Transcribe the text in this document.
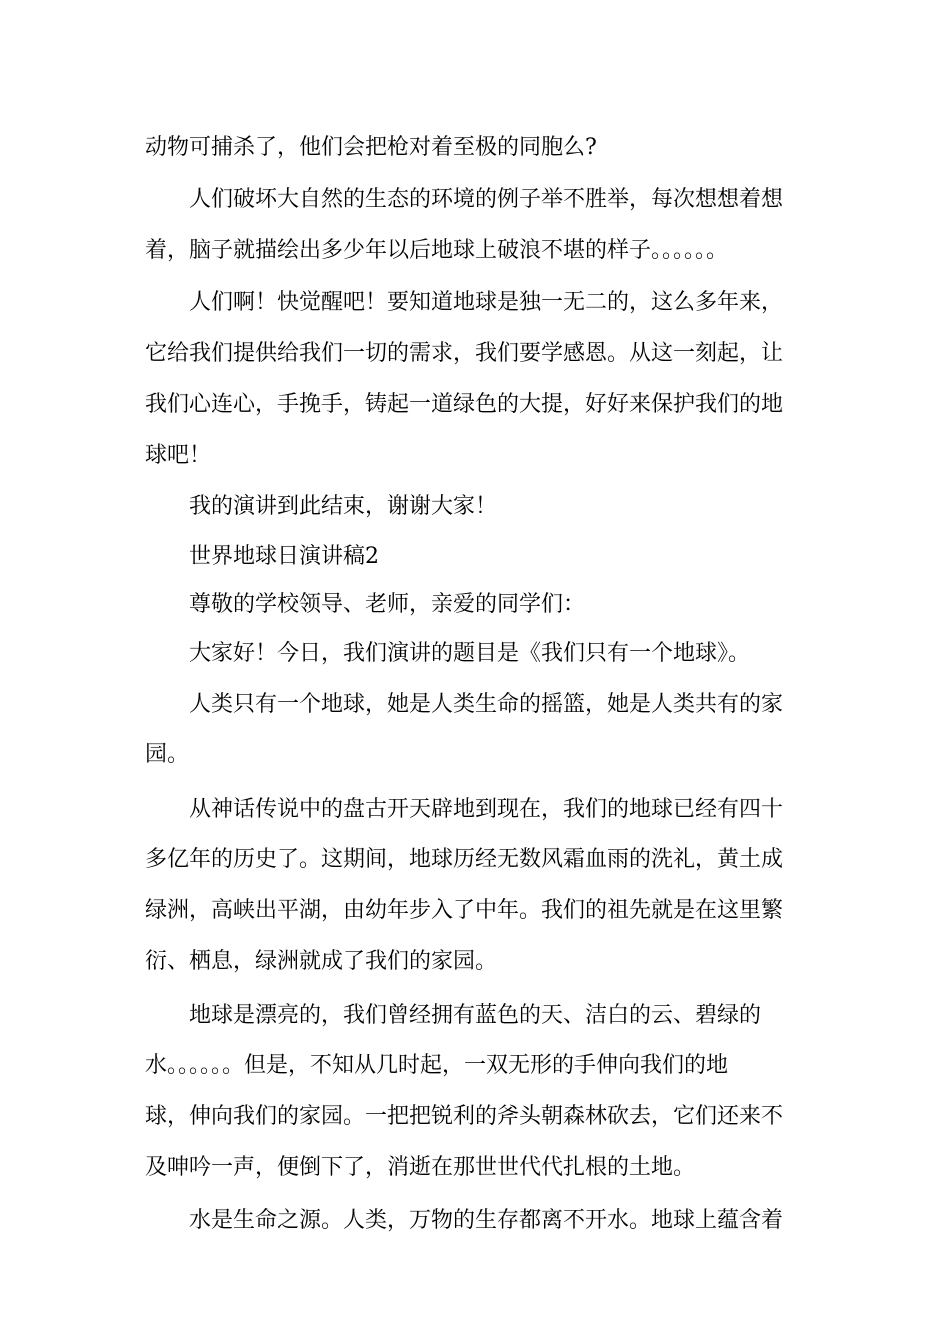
动物可捕杀了，他们会把枪对着至极的同胞么?
人们破坏大自然的生态的环境的例子举不胜举，每次想想着想
着，脑子就描绘出多少年以后地球上破浪不堪的样子。。。。。。
人们啊！快觉醒吧！要知道地球是独一无二的，这么多年来，
它给我们提供给我们一切的需求，我们要学感恩。从这一刻起，让
我们心连心，手挽手，铸起一道绿色的大提，好好来保护我们的地
球吧！
我的演讲到此结束，谢谢大家！
世界地球日演讲稿2
尊敬的学校领导、老师，亲爱的同学们：
大家好！今日，我们演讲的题目是《我们只有一个地球》。
人类只有一个地球，她是人类生命的摇篮，她是人类共有的家
园。
从神话传说中的盘古开天辟地到现在，我们的地球已经有四十
多亿年的历史了。这期间，地球历经无数风霜血雨的洗礼，黄土成
绿洲，高峡出平湖，由幼年步入了中年。我们的祖先就是在这里繁
衍、栖息，绿洲就成了我们的家园。
地球是漂亮的，我们曾经拥有蓝色的天、洁白的云、碧绿的
水。。。。。。但是，不知从几时起，一双无形的手伸向我们的地
球，伸向我们的家园。一把把锐利的斧头朝森林砍去，它们还来不
及呻吟一声，便倒下了，消逝在那世世代代扎根的土地。
水是生命之源。人类，万物的生存都离不开水。地球上蕴含着
